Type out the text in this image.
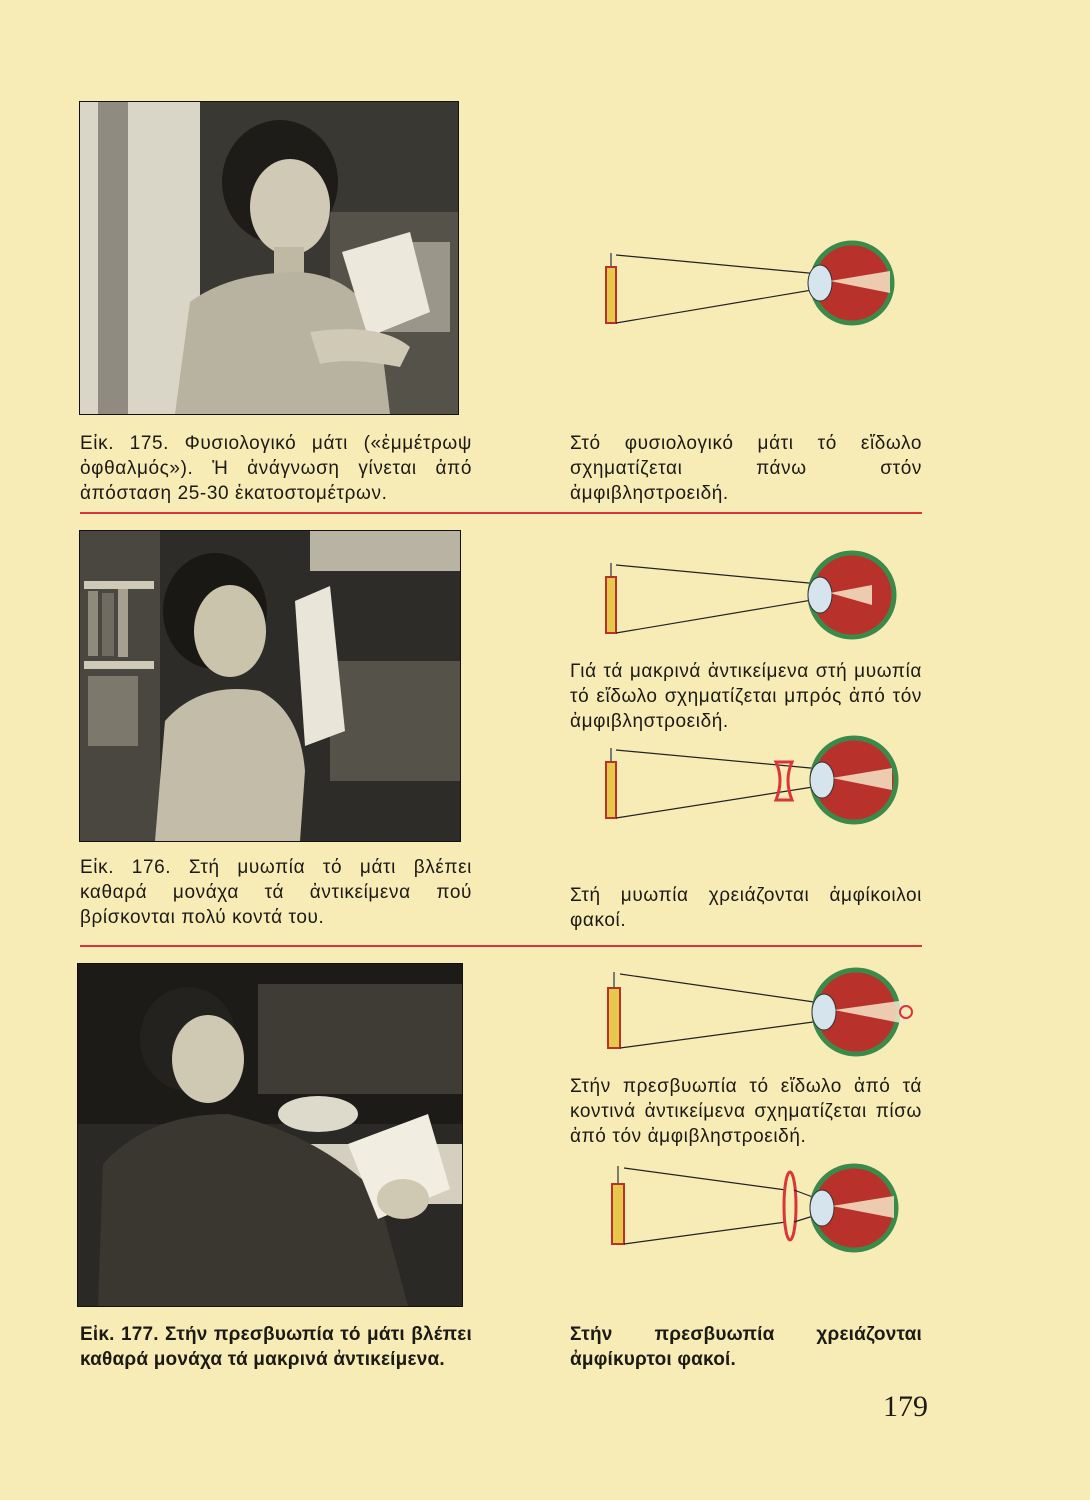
Εἰκ. 175. Φυσιολογικό μάτι («ἐμμέτρωψ ὀφθαλμός»). Ἡ ἀνάγνωση γίνεται ἀπό ἀπόσταση 25-30 ἑκατοστομέτρων.

Στό φυσιολογικό μάτι τό εἴδωλο σχηματίζεται πάνω στόν ἀμφιβληστροειδή.

Εἰκ. 176. Στή μυωπία τό μάτι βλέπει καθαρά μονάχα τά ἀντικείμενα πού βρίσκονται πολύ κοντά του.

Γιά τά μακρινά ἀντικείμενα στή μυωπία τό εἴδωλο σχηματίζεται μπρός ἀπό τόν ἀμφιβληστροειδή.

Στή μυωπία χρειάζονται ἀμφίκοιλοι φακοί.

Εἰκ. 177. Στήν πρεσβυωπία τό μάτι βλέπει καθαρά μονάχα τά μακρινά ἀντικείμενα.

Στήν πρεσβυωπία τό εἴδωλο ἀπό τά κοντινά ἀντικείμενα σχηματίζεται πίσω ἀπό τόν ἀμφιβληστροειδή.

Στήν πρεσβυωπία χρειάζονται ἀμφίκυρτοι φακοί.

179
